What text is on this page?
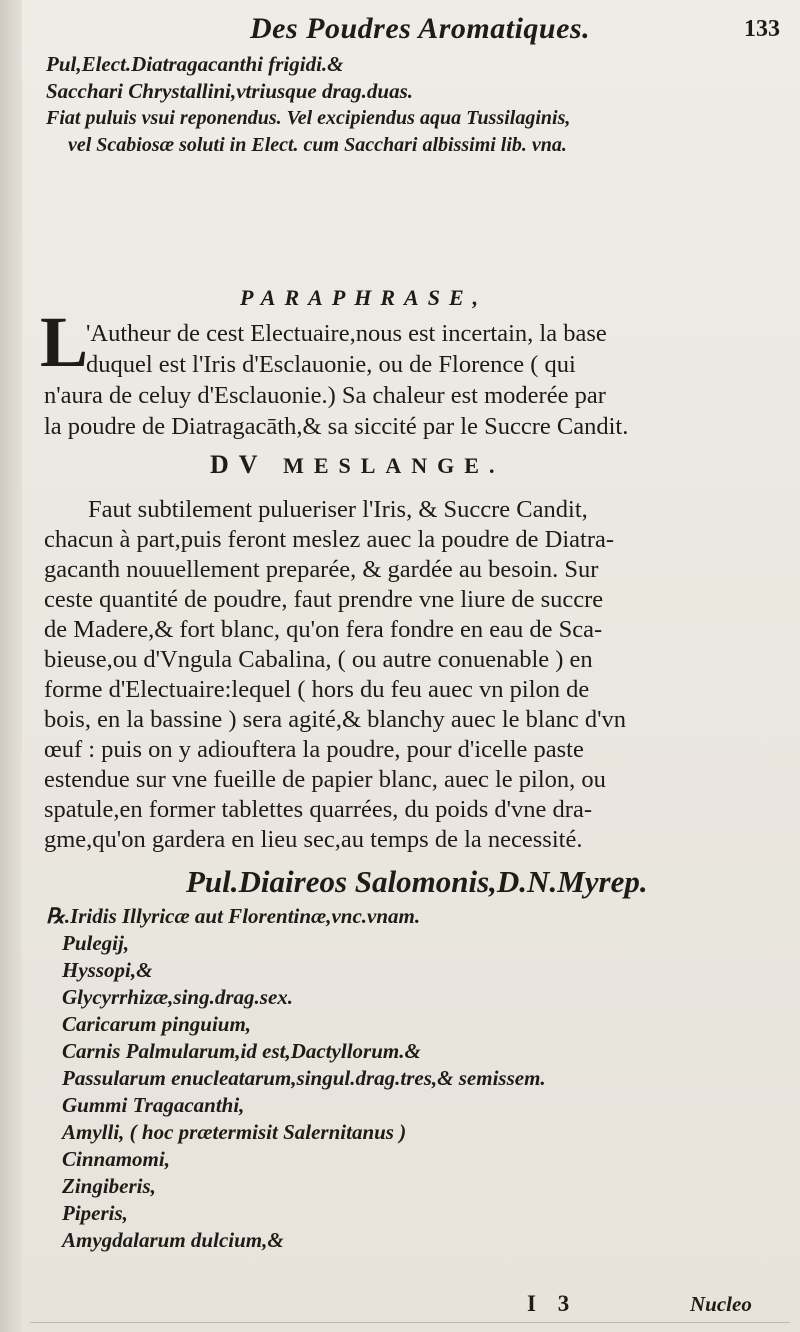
Des Poudres Aromatiques.	133
Pul,Elect.Diatragacanthi frigidi.&
Sacchari Chrystallini,vtriusque drag.duas.
Fiat puluis vsui reponendus. Vel excipiendus aqua Tussilaginis,
vel Scabiosæ soluti in Elect. cum Sacchari albissimi lib. vna.
PARAPHRASE,
L
'Autheur de cest Electuaire,nous est incertain, la base
duquel est l'Iris d'Esclauonie, ou de Florence ( qui
n'aura de celuy d'Esclauonie.) Sa chaleur est moderée par
la poudre de Diatragacāth,& sa siccité par le Succre Candit.
DV MESLANGE.
Faut subtilement pulueriser l'Iris, & Succre Candit,
chacun à part,puis feront meslez auec la poudre de Diatra-
gacanth nouuellement preparée, & gardée au besoin. Sur
ceste quantité de poudre, faut prendre vne liure de succre
de Madere,& fort blanc, qu'on fera fondre en eau de Sca-
bieuse,ou d'Vngula Cabalina, ( ou autre conuenable ) en
forme d'Electuaire:lequel ( hors du feu auec vn pilon de
bois, en la bassine ) sera agité,& blanchy auec le blanc d'vn
œuf : puis on y adiouftera la poudre, pour d'icelle paste
estendue sur vne fueille de papier blanc, auec le pilon, ou
spatule,en former tablettes quarrées, du poids d'vne dra-
gme,qu'on gardera en lieu sec,au temps de la necessité.
Pul.Diaireos Salomonis,D.N.Myrep.
℞.Iridis Illyricæ aut Florentinæ,vnc.vnam.
Pulegij,
Hyssopi,&
Glycyrrhizæ,sing.drag.sex.
Caricarum pinguium,
Carnis Palmularum,id est,Dactyllorum.&
Passularum enucleatarum,singul.drag.tres,& semissem.
Gummi Tragacanthi,
Amylli, ( hoc prætermisit Salernitanus )
Cinnamomi,
Zingiberis,
Piperis,
Amygdalarum dulcium,&
I 3	Nucleo
